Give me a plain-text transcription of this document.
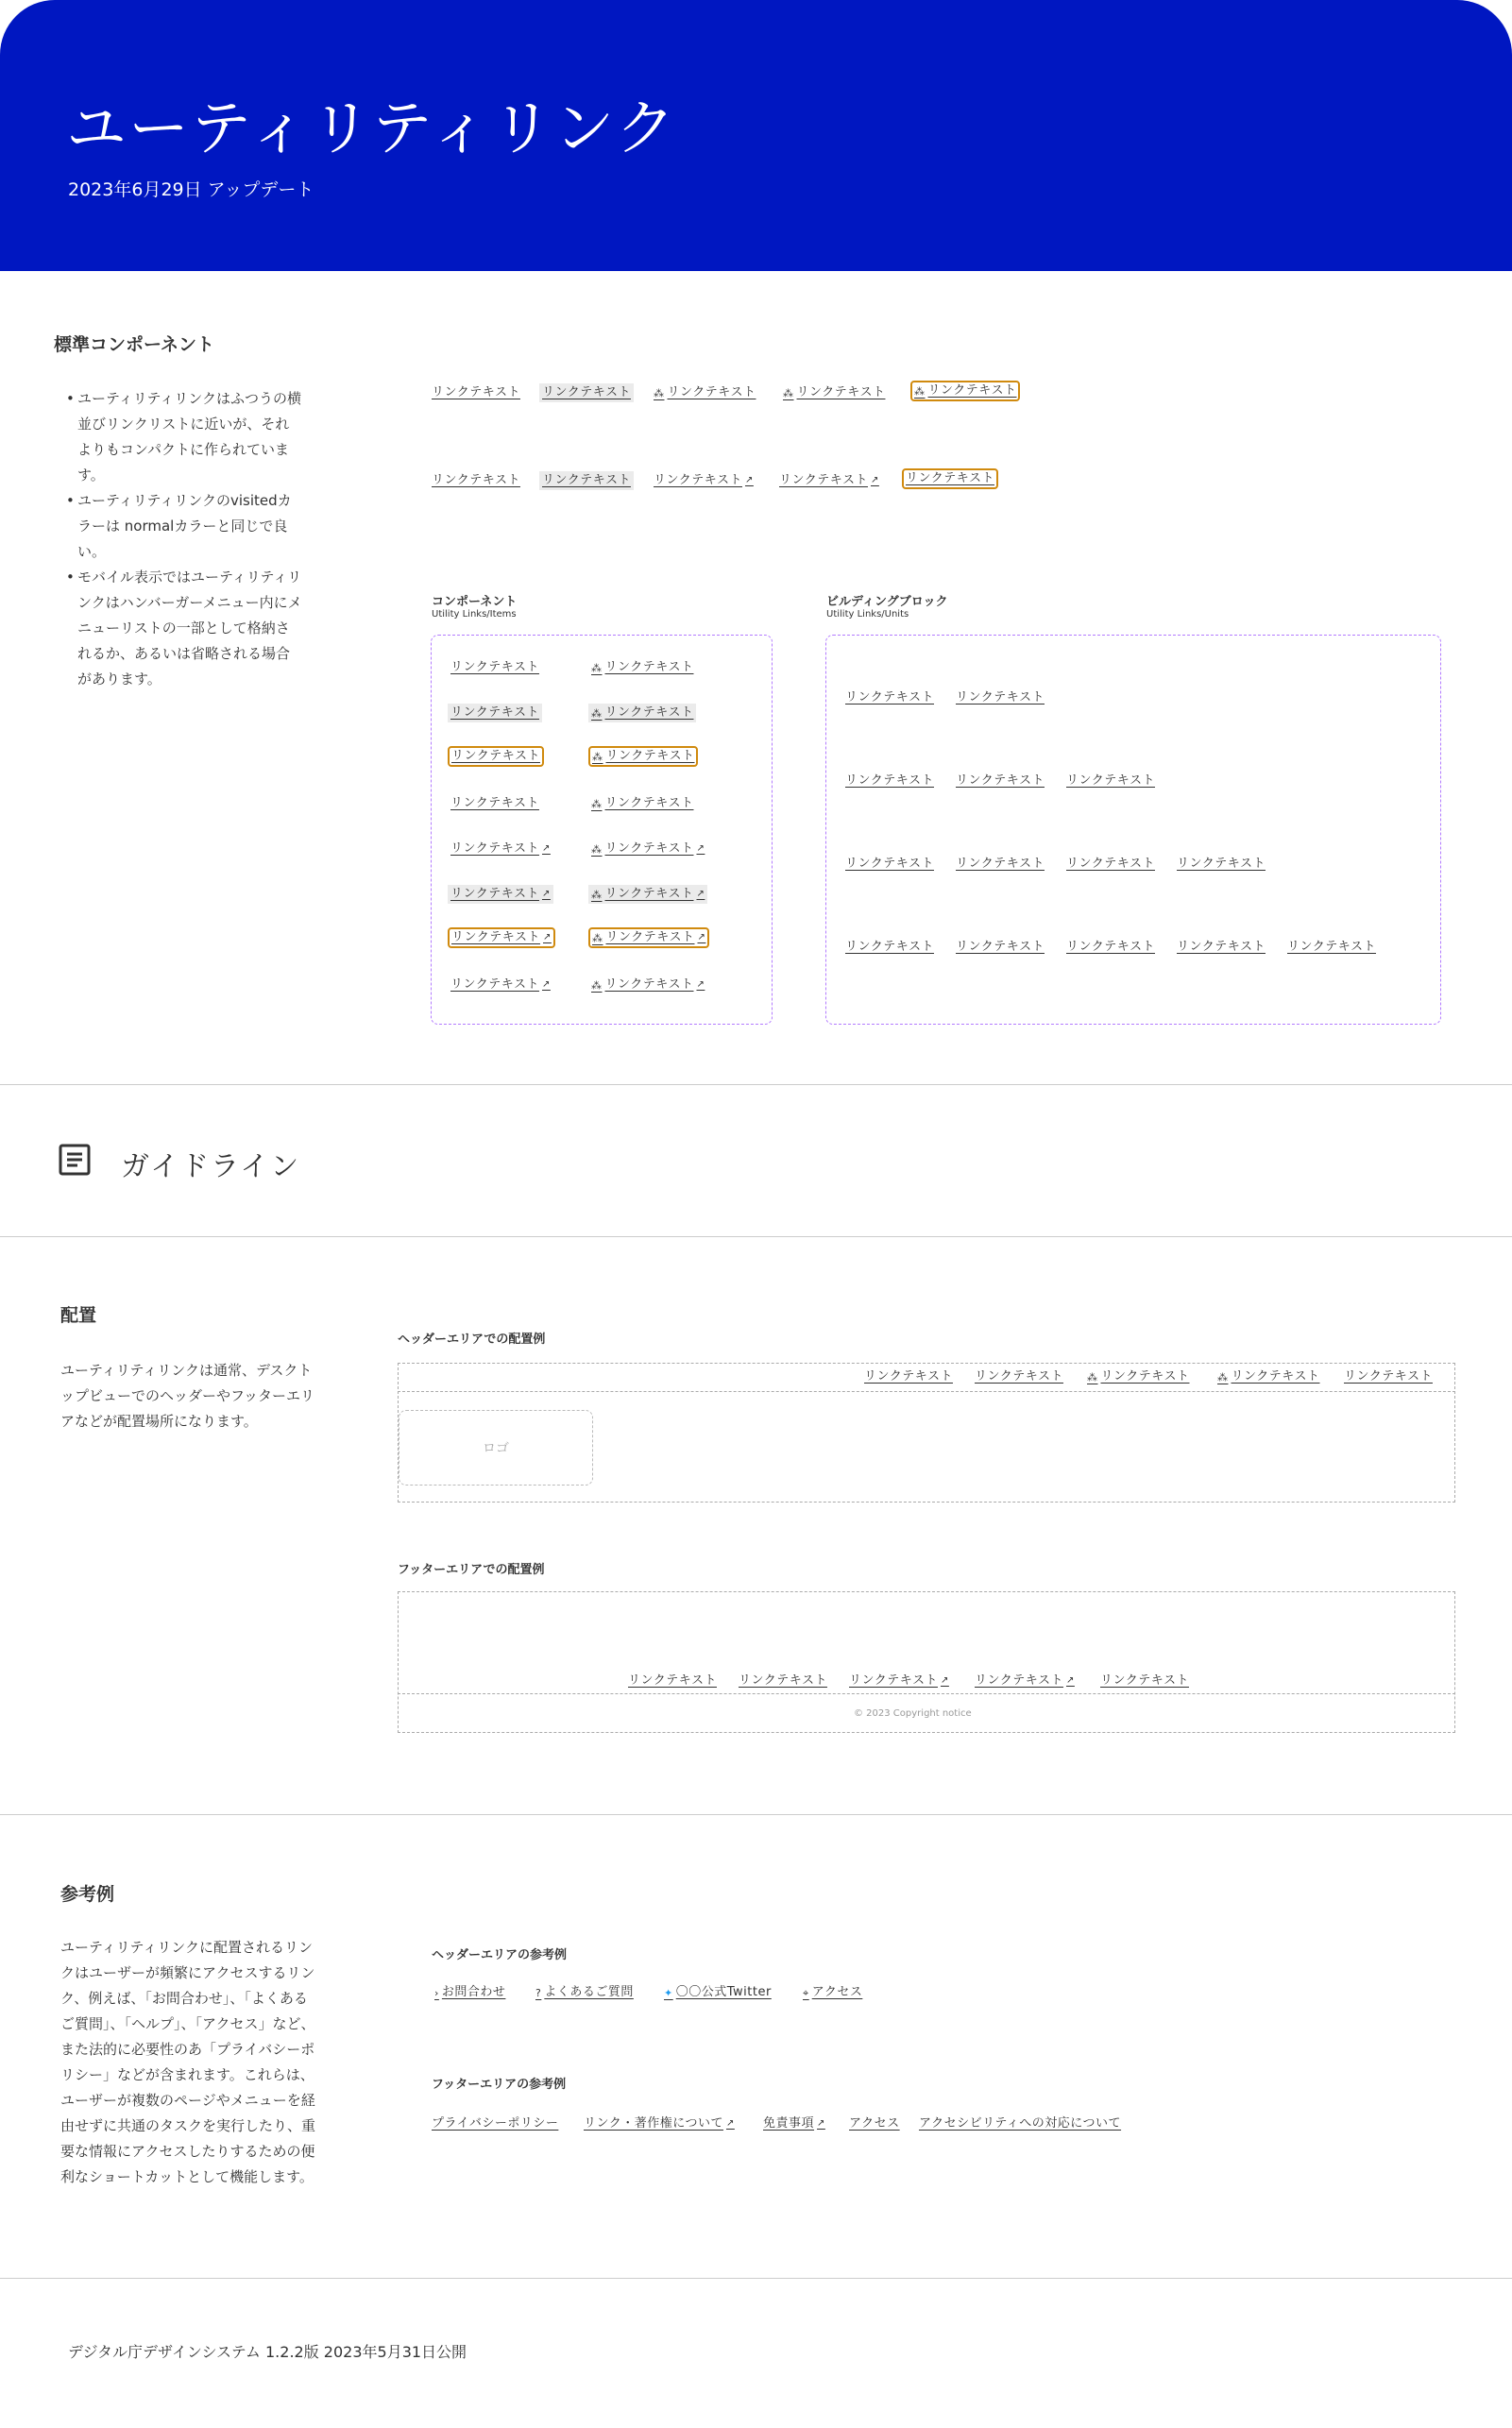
ユーティリティリンク
2023年6月29日 アップデート
標準コンポーネント
• ユーティリティリンクはふつうの横並びリンクリストに近いが、それよりもコンパクトに作られています。
• ユーティリティリンクのvisitedカラーは normalカラーと同じで良い。
• モバイル表示ではユーティリティリンクはハンバーガーメニュー内にメニューリストの一部として格納されるか、あるいは省略される場合があります。
リンクテキスト リンクテキスト ⁂ リンクテキスト	⁂ リンクテキスト	⁂ リンクテキスト
リンクテキスト リンクテキスト リンクテキスト ↗ リンクテキスト ↗ リンクテキスト
コンポーネント
Utility Links/Items
ビルディングブロック
Utility Links/Units
リンクテキスト	⁂ リンクテキスト
リンクテキスト	⁂ リンクテキスト
リンクテキスト	⁂ リンクテキスト
リンクテキスト	⁂ リンクテキスト
リンクテキスト ↗	⁂ リンクテキスト ↗
リンクテキスト ↗	⁂ リンクテキスト ↗
リンクテキスト ↗	⁂ リンクテキスト ↗
リンクテキスト ↗	⁂ リンクテキスト ↗
リンクテキスト リンクテキスト
リンクテキスト リンクテキスト リンクテキスト
リンクテキスト リンクテキスト リンクテキスト リンクテキスト
リンクテキスト リンクテキスト リンクテキスト リンクテキスト リンクテキスト
ガイドライン
配置
ユーティリティリンクは通常、デスクトップビューでのヘッダーやフッターエリアなどが配置場所になります。
ヘッダーエリアでの配置例
リンクテキスト リンクテキスト ⁂ リンクテキスト	⁂ リンクテキスト リンクテキスト
ロゴ
フッターエリアでの配置例
リンクテキスト リンクテキスト リンクテキスト ↗ リンクテキスト ↗ リンクテキスト
© 2023 Copyright notice
参考例
ユーティリティリンクに配置されるリンクはユーザーが頻繁にアクセスするリンク、例えば、「お問合わせ」、「よくあるご質問」、「ヘルプ」、「アクセス」など、また法的に必要性のあ「プライバシーポリシー」などが含まれます。これらは、ユーザーが複数のページやメニューを経由せずに共通のタスクを実行したり、重要な情報にアクセスしたりするための便利なショートカットとして機能します。
ヘッダーエリアの参考例
› お問合わせ	? よくあるご質問	✦ 〇〇公式Twitter	⌖ アクセス
フッターエリアの参考例
プライバシーポリシー リンク・著作権について ↗ 免責事項 ↗ アクセス アクセシビリティへの対応について
デジタル庁デザインシステム 1.2.2版 2023年5月31日公開
